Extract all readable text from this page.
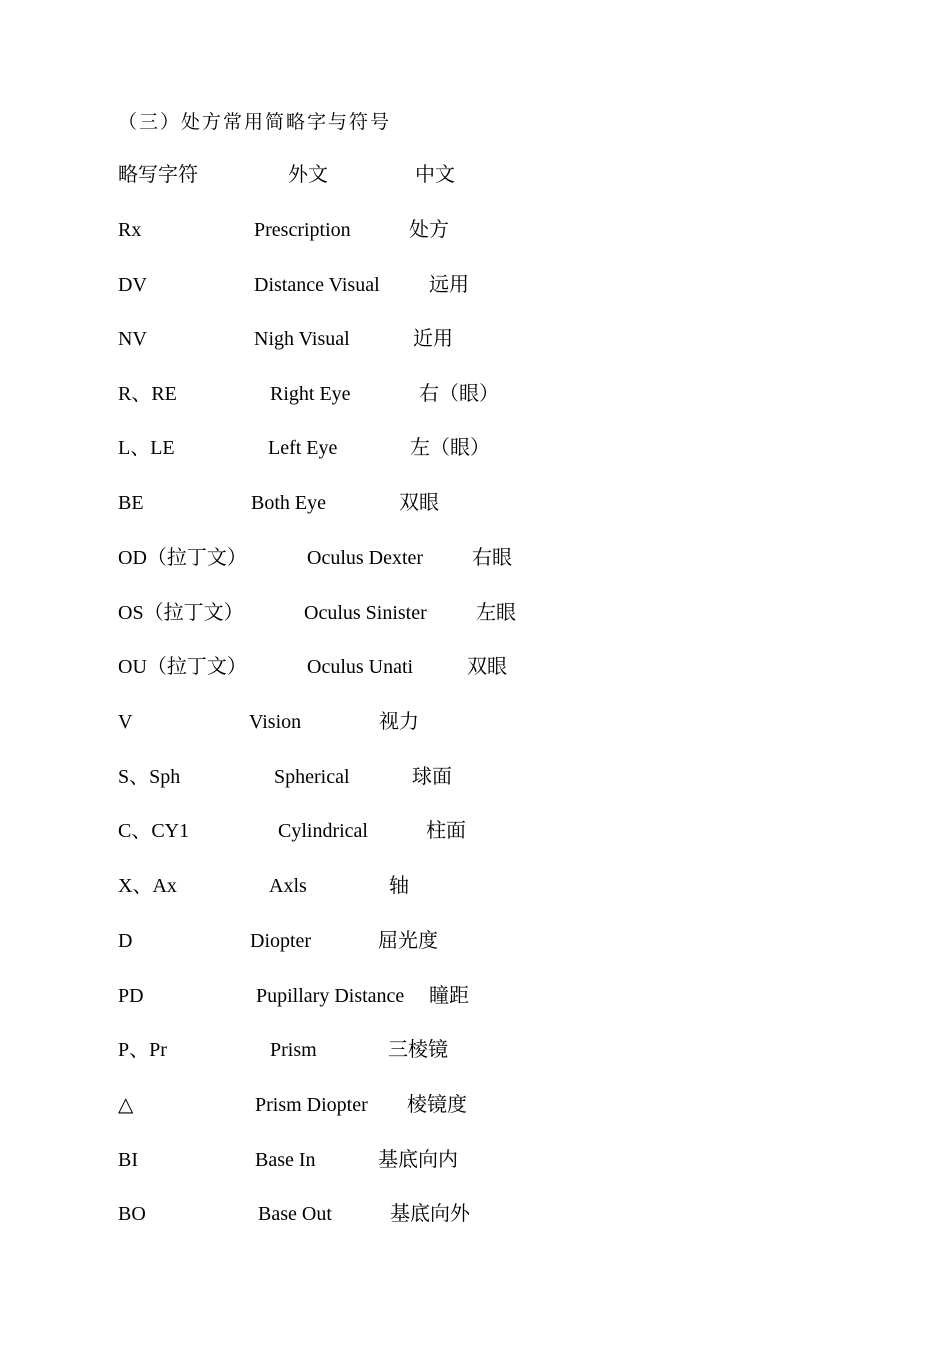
（三）处方常用简略字与符号
略写字符	外文	中文
Rx	Prescription	处方
DV	Distance Visual 远用
NV	Nigh Visual	近用
R、RE	Right Eye	右（眼）
L、LE	Left Eye	左（眼）
BE	Both Eye	双眼
OD（拉丁文）	Oculus Dexter 右眼
OS（拉丁文）	Oculus Sinister 左眼
OU（拉丁文）	Oculus Unati	双眼
V	Vision	视力
S、Sph	Spherical	球面
C、CY1	Cylindrical	柱面
X、Ax	Axls	轴
D	Diopter	屈光度
PD	Pupillary Distance 瞳距
P、Pr	Prism	三棱镜
△	Prism Diopter 棱镜度
BI	Base In	基底向内
BO	Base Out	基底向外
